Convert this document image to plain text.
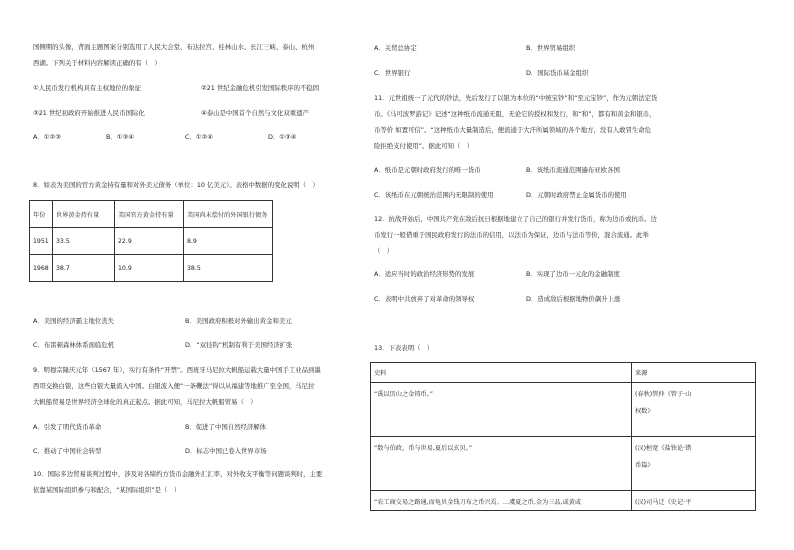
国侧期的头像，背面主题图案分别选用了人民大会堂、布达拉宫、桂林山水、长江三峡、泰山、杭州
西湖。下列关于材料内容解读正确的有（　）
①人民币发行机构具有主权地位的象征	②21 世纪金融危机引发国际秩序的不稳固
③21 世纪初政府开始推进人民币国际化	④泰山是中国首个自然与文化双重遗产
A．①②③	B．①③④	C．①②④	D．①③④
8．如表为美国的官方黄金持有量和对外美元债务（单位：10 亿美元）。表格中数据的变化说明（　）
年份	世界黄金持有量	美国官方黄金持有量	美国尚未偿付的外国银行债务
1951	33.5	22.9	8.9
1968	38.7	10.9	38.5
A．美国的经济霸主地位丧失	B．美国政府积极对外输出黄金和美元
C．布雷顿森林体系面临危机	D．“双挂钩”机制有利于美国经济扩张
9．明穆宗隆庆元年（1567 年），实行有条件“开禁”。西班牙马尼拉大帆船运载大量中国手工业品到墨
西哥交换白银，这些白银大量流入中国。白银流入便“一条鞭法”得以从福建等地推广至全国，马尼拉
大帆船贸易是世界经济全球化的真正起点。据此可知，马尼拉大帆船贸易（　）
A．引发了明代货币革命	B．促进了中国自然经济解体
C．推动了中国社会转型	D．标志中国已卷入世界市场
10．国际多边贸易谈判过程中，涉及对各缔约方货币金融外汇汇率，对外收支平衡等问题谈判时，主要
依靠某国际组织参与和配合，“某国际组织”是（　）
A．关贸总协定	B．世界贸易组织
C．世界银行	D．国际货币基金组织
11．元世祖统一了元代的钞法，先后发行了以银为本位的“中统宝钞”和“至元宝钞”，作为元朝法定货
币。《马可波罗游记》记述“这种纸币流通无阻，无论它的授权和发行，和“和”，都有和黄金和银币，
币等价 如置可信”。“这种纸币大量制造后，便流通于大汗所属领域的各个地方，没有人敢冒生命危
险拒绝支付使用”。据此可知（　）
A．纸币是元朝时政府发行的唯一货币	B．该纸币流通范围遍布亚欧各国
C．该纸币在元朝统治范围内无限制的使用	D．元朝时政府禁止金属货币的使用
12．抗战开始后，中国共产党在敌后抗日根据地建立了自己的银行并发行货币，称为边币或抗币。边
币发行一般借重于国民政府发行的法币的信用，以法币为保证，边币与法币等价，混合流通。此举
（　）
A．适应当时的政治经济形势的发展	B．实现了边币一元化的金融制度
C．表明中共放弃了对革命的领导权	D．造成敌后根据地物价飙升上涨
13．下表表明（　）
史料	来源
“禹以历山之金铸币。”	(春秋)管仲《管子·山
权数》

“数与伯政，币与世易,夏后以玄贝。”	(汉)桓宽《盐铁论·错
币篇》

“农工商交易之路通,而龟贝金钱刀布之币兴焉。…虞夏之币,金为三品,或黄或	(汉)司马迁《史记·平
